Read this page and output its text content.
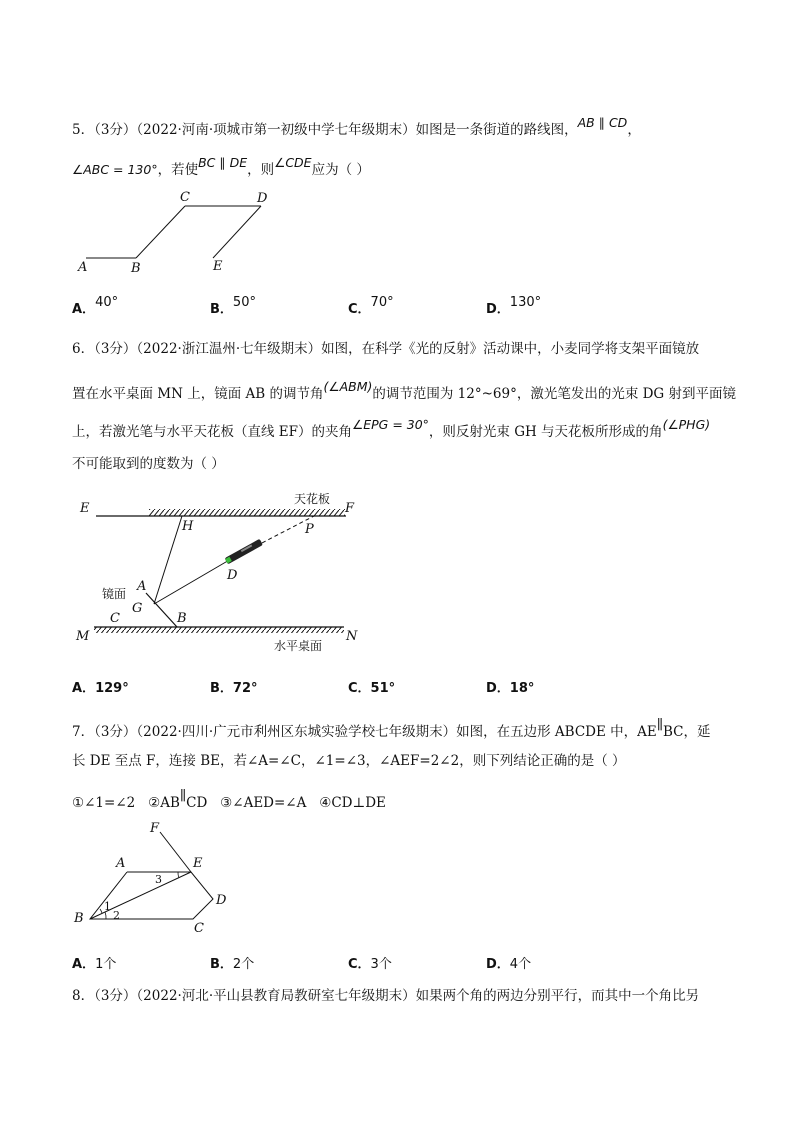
5．（3分）（2022·河南·项城市第一初级中学七年级期末）如图是一条街道的路线图，AB ∥ CD，
∠ABC = 130°，若使BC ∥ DE，则∠CDE应为（ ）
A	B
C	D
E
A．40°	B．50°	C．70°	D．130°
6．（3分）（2022·浙江温州·七年级期末）如图，在科学《光的反射》活动课中，小麦同学将支架平面镜放
置在水平桌面 MN 上，镜面 AB 的调节角(∠ABM)的调节范围为 12°~69°，激光笔发出的光束 DG 射到平面镜
上，若激光笔与水平天花板（直线 EF）的夹角∠EPG = 30°，则反射光束 GH 与天花板所形成的角(∠PHG)
不可能取到的度数为（ ）
E	F
H	P
D
A
G
C	B
M	N
天花板
镜面
水平桌面
A．129°	B．72°	C．51°	D．18°
7．（3分）（2022·四川·广元市利州区东城实验学校七年级期末）如图，在五边形 ABCDE 中，AE∥BC，延
长 DE 至点 F，连接 BE，若∠A=∠C，∠1=∠3，∠AEF=2∠2，则下列结论正确的是（ ）
①∠1=∠2 ②AB∥CD ③∠AED=∠A ④CD⊥DE
F
A	E
B
C
D
1
2
3
A．1个	B．2个	C．3个	D．4个
8．（3分）（2022·河北·平山县教育局教研室七年级期末）如果两个角的两边分别平行，而其中一个角比另
